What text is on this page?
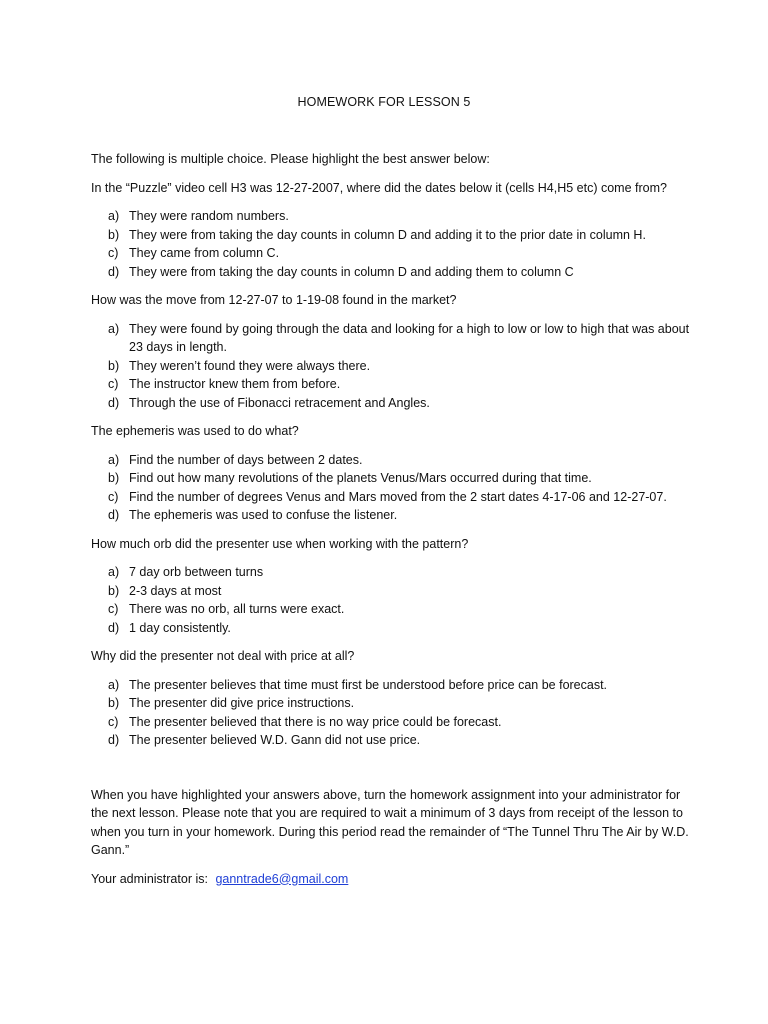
HOMEWORK FOR LESSON 5

The following is multiple choice. Please highlight the best answer below:

In the “Puzzle” video cell H3 was 12-27-2007, where did the dates below it (cells H4,H5 etc) come from?

a) They were random numbers.
b) They were from taking the day counts in column D and adding it to the prior date in column H.
c) They came from column C.
d) They were from taking the day counts in column D and adding them to column C

How was the move from 12-27-07 to 1-19-08 found in the market?

a) They were found by going through the data and looking for a high to low or low to high that was about 23 days in length.
b) They weren’t found they were always there.
c) The instructor knew them from before.
d) Through the use of Fibonacci retracement and Angles.

The ephemeris was used to do what?

a) Find the number of days between 2 dates.
b) Find out how many revolutions of the planets Venus/Mars occurred during that time.
c) Find the number of degrees Venus and Mars moved from the 2 start dates 4-17-06 and 12-27-07.
d) The ephemeris was used to confuse the listener.

How much orb did the presenter use when working with the pattern?

a) 7 day orb between turns
b) 2-3 days at most
c) There was no orb, all turns were exact.
d) 1 day consistently.

Why did the presenter not deal with price at all?

a) The presenter believes that time must first be understood before price can be forecast.
b) The presenter did give price instructions.
c) The presenter believed that there is no way price could be forecast.
d) The presenter believed W.D. Gann did not use price.

When you have highlighted your answers above, turn the homework assignment into your administrator for the next lesson. Please note that you are required to wait a minimum of 3 days from receipt of the lesson to when you turn in your homework. During this period read the remainder of “The Tunnel Thru The Air by W.D. Gann.”

Your administrator is: ganntrade6@gmail.com
